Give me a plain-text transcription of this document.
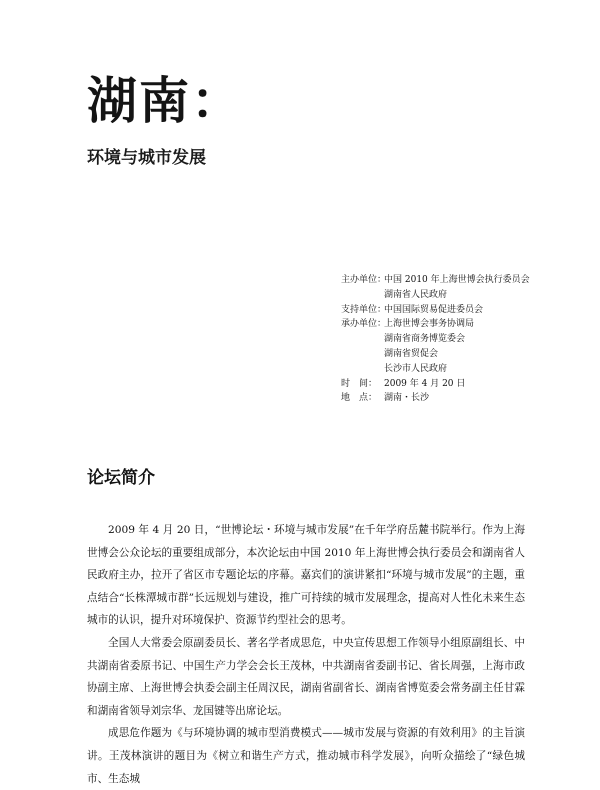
湖南：
环境与城市发展
主办单位：
中国 2010 年上海世博会执行委员会
湖南省人民政府
支持单位：
中国国际贸易促进委员会
承办单位：
上海世博会事务协调局
湖南省商务博览委会
湖南省贸促会
长沙市人民政府
时 间： 2009 年 4 月 20 日
地 点： 湖南・长沙
论坛简介

2009 年 4 月 20 日，“世博论坛・环境与城市发展”在千年学府岳麓书院举行。作为上海世博会公众论坛的重要组成部分，本次论坛由中国 2010 年上海世博会执行委员会和湖南省人民政府主办，拉开了省区市专题论坛的序幕。嘉宾们的演讲紧扣“环境与城市发展”的主题，重点结合“长株潭城市群”长远规划与建设，推广可持续的城市发展理念，提高对人性化未来生态城市的认识，提升对环境保护、资源节约型社会的思考。

全国人大常委会原副委员长、著名学者成思危，中央宣传思想工作领导小组原副组长、中共湖南省委原书记、中国生产力学会会长王茂林，中共湖南省委副书记、省长周强，上海市政协副主席、上海世博会执委会副主任周汉民，湖南省副省长、湖南省博览委会常务副主任甘霖和湖南省领导刘宗华、龙国键等出席论坛。

成思危作题为《与环境协调的城市型消费模式——城市发展与资源的有效利用》的主旨演讲。王茂林演讲的题目为《树立和谐生产方式，推动城市科学发展》，向听众描绘了“绿色城市、生态城
